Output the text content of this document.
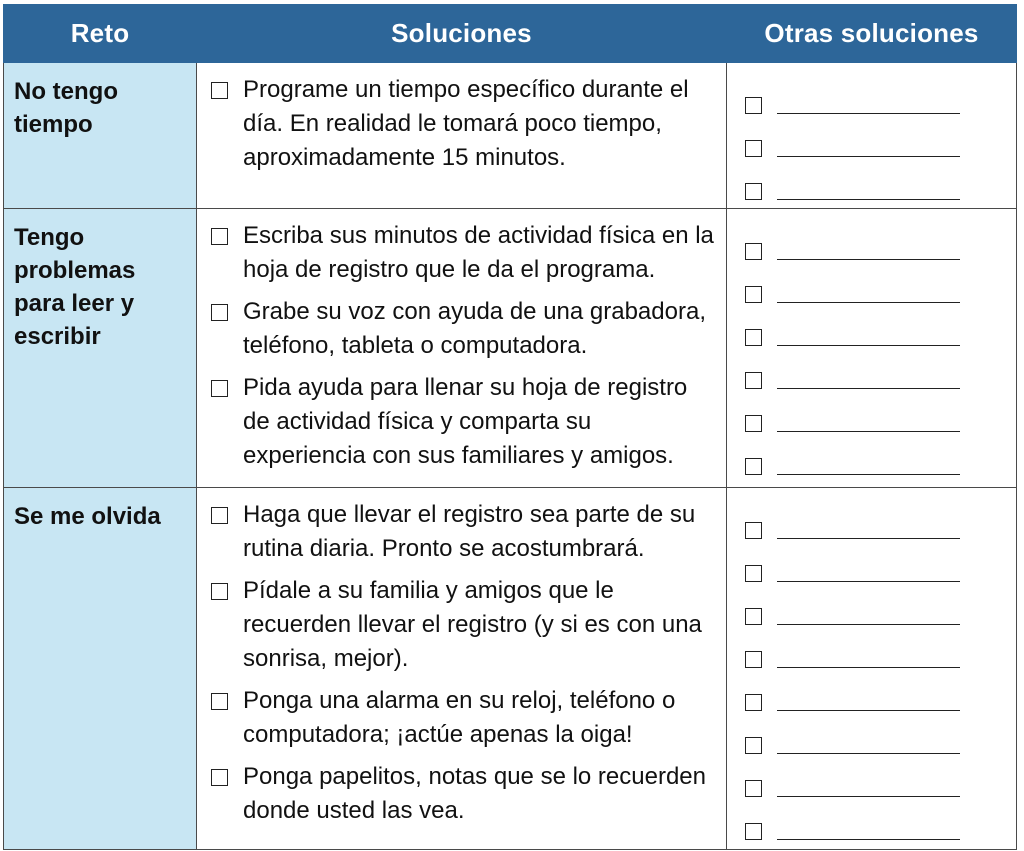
Reto	Soluciones	Otras soluciones
No tengo tiempo	Programe un tiempo específico durante el día. En realidad le tomará poco tiempo, aproximadamente 15 minutos.	

Tengo problemas para leer y escribir	Escriba sus minutos de actividad física en la hoja de registro que le da el programa.
Grabe su voz con ayuda de una grabadora, teléfono, tableta o computadora.
Pida ayuda para llenar su hoja de registro de actividad física y comparta su experiencia con sus familiares y amigos.	

Se me olvida	Haga que llevar el registro sea parte de su rutina diaria. Pronto se acostumbrará.
Pídale a su familia y amigos que le recuerden llevar el registro (y si es con una sonrisa, mejor).
Ponga una alarma en su reloj, teléfono o computadora; ¡actúe apenas la oiga!
Ponga papelitos, notas que se lo recuerden donde usted las vea.	
